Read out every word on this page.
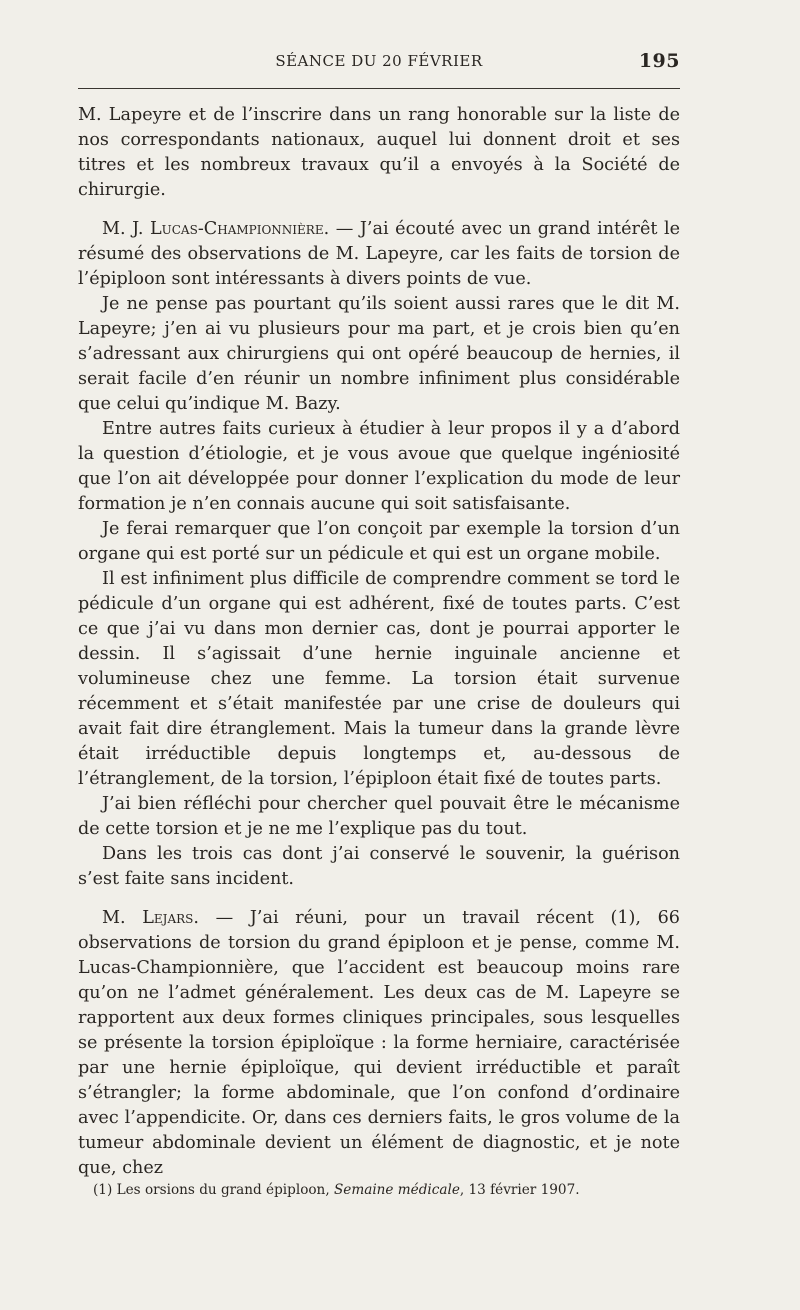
SÉANCE DU 20 FÉVRIER	195

M. Lapeyre et de l’inscrire dans un rang honorable sur la liste de nos correspondants nationaux, auquel lui donnent droit et ses titres et les nombreux travaux qu’il a envoyés à la Société de chirurgie.

M. J. Lucas-Championnière. — J’ai écouté avec un grand intérêt le résumé des observations de M. Lapeyre, car les faits de torsion de l’épiploon sont intéressants à divers points de vue.

Je ne pense pas pourtant qu’ils soient aussi rares que le dit M. Lapeyre; j’en ai vu plusieurs pour ma part, et je crois bien qu’en s’adressant aux chirurgiens qui ont opéré beaucoup de hernies, il serait facile d’en réunir un nombre infiniment plus considérable que celui qu’indique M. Bazy.

Entre autres faits curieux à étudier à leur propos il y a d’abord la question d’étiologie, et je vous avoue que quelque ingéniosité que l’on ait développée pour donner l’explication du mode de leur formation je n’en connais aucune qui soit satisfaisante.

Je ferai remarquer que l’on conçoit par exemple la torsion d’un organe qui est porté sur un pédicule et qui est un organe mobile.

Il est infiniment plus difficile de comprendre comment se tord le pédicule d’un organe qui est adhérent, fixé de toutes parts. C’est ce que j’ai vu dans mon dernier cas, dont je pourrai apporter le dessin. Il s’agissait d’une hernie inguinale ancienne et volumineuse chez une femme. La torsion était survenue récemment et s’était manifestée par une crise de douleurs qui avait fait dire étranglement. Mais la tumeur dans la grande lèvre était irréductible depuis longtemps et, au-dessous de l’étranglement, de la torsion, l’épiploon était fixé de toutes parts.

J’ai bien réfléchi pour chercher quel pouvait être le mécanisme de cette torsion et je ne me l’explique pas du tout.

Dans les trois cas dont j’ai conservé le souvenir, la guérison s’est faite sans incident.

M. Lejars. — J’ai réuni, pour un travail récent (1), 66 observations de torsion du grand épiploon et je pense, comme M. Lucas-Championnière, que l’accident est beaucoup moins rare qu’on ne l’admet généralement. Les deux cas de M. Lapeyre se rapportent aux deux formes cliniques principales, sous lesquelles se présente la torsion épiploïque : la forme herniaire, caractérisée par une hernie épiploïque, qui devient irréductible et paraît s’étrangler; la forme abdominale, que l’on confond d’ordinaire avec l’appendicite. Or, dans ces derniers faits, le gros volume de la tumeur abdominale devient un élément de diagnostic, et je note que, chez

(1) Les orsions du grand épiploon, Semaine médicale, 13 février 1907.
